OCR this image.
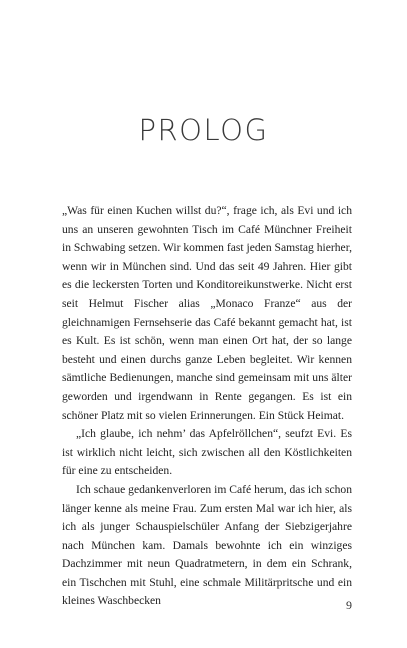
PROLOG

„Was für einen Kuchen willst du?“, frage ich, als Evi und ich uns an unseren gewohnten Tisch im Café Münchner Freiheit in Schwabing setzen. Wir kommen fast jeden Samstag hierher, wenn wir in München sind. Und das seit 49 Jahren. Hier gibt es die leckersten Torten und Konditoreikunstwerke. Nicht erst seit Helmut Fischer alias „Monaco Franze“ aus der gleichnamigen Fernsehserie das Café bekannt gemacht hat, ist es Kult. Es ist schön, wenn man einen Ort hat, der so lange besteht und einen durchs ganze Leben begleitet. Wir kennen sämtliche Bedienungen, manche sind gemeinsam mit uns älter geworden und irgendwann in Rente gegangen. Es ist ein schöner Platz mit so vielen Erinnerungen. Ein Stück Heimat.

„Ich glaube, ich nehm’ das Apfelröllchen“, seufzt Evi. Es ist wirklich nicht leicht, sich zwischen all den Köstlichkeiten für eine zu entscheiden.

Ich schaue gedankenverloren im Café herum, das ich schon länger kenne als meine Frau. Zum ersten Mal war ich hier, als ich als junger Schauspielschüler Anfang der Siebzigerjahre nach München kam. Damals bewohnte ich ein winziges Dachzimmer mit neun Quadratmetern, in dem ein Schrank, ein Tischchen mit Stuhl, eine schmale Militärpritsche und ein kleines Waschbecken	9
